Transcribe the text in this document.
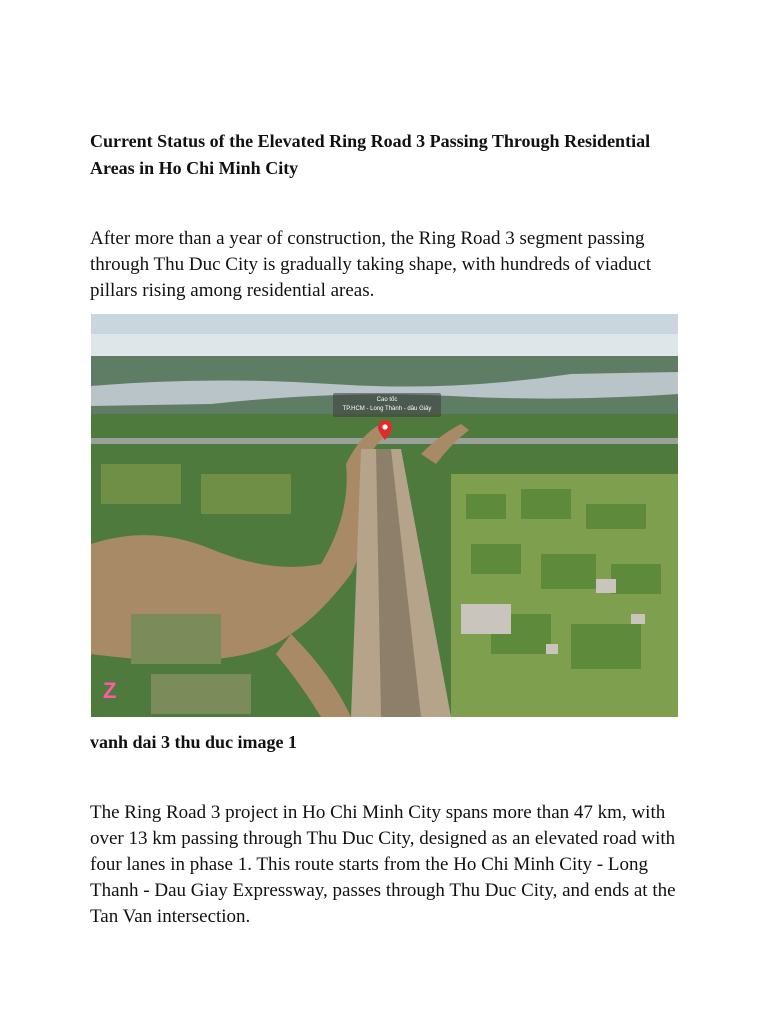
Current Status of the Elevated Ring Road 3 Passing Through Residential Areas in Ho Chi Minh City

After more than a year of construction, the Ring Road 3 segment passing through Thu Duc City is gradually taking shape, with hundreds of viaduct pillars rising among residential areas.

Cao tốc
TP.HCM - Long Thành - dầu Giây
Z

vanh dai 3 thu duc image 1

The Ring Road 3 project in Ho Chi Minh City spans more than 47 km, with over 13 km passing through Thu Duc City, designed as an elevated road with four lanes in phase 1. This route starts from the Ho Chi Minh City - Long Thanh - Dau Giay Expressway, passes through Thu Duc City, and ends at the Tan Van intersection.
